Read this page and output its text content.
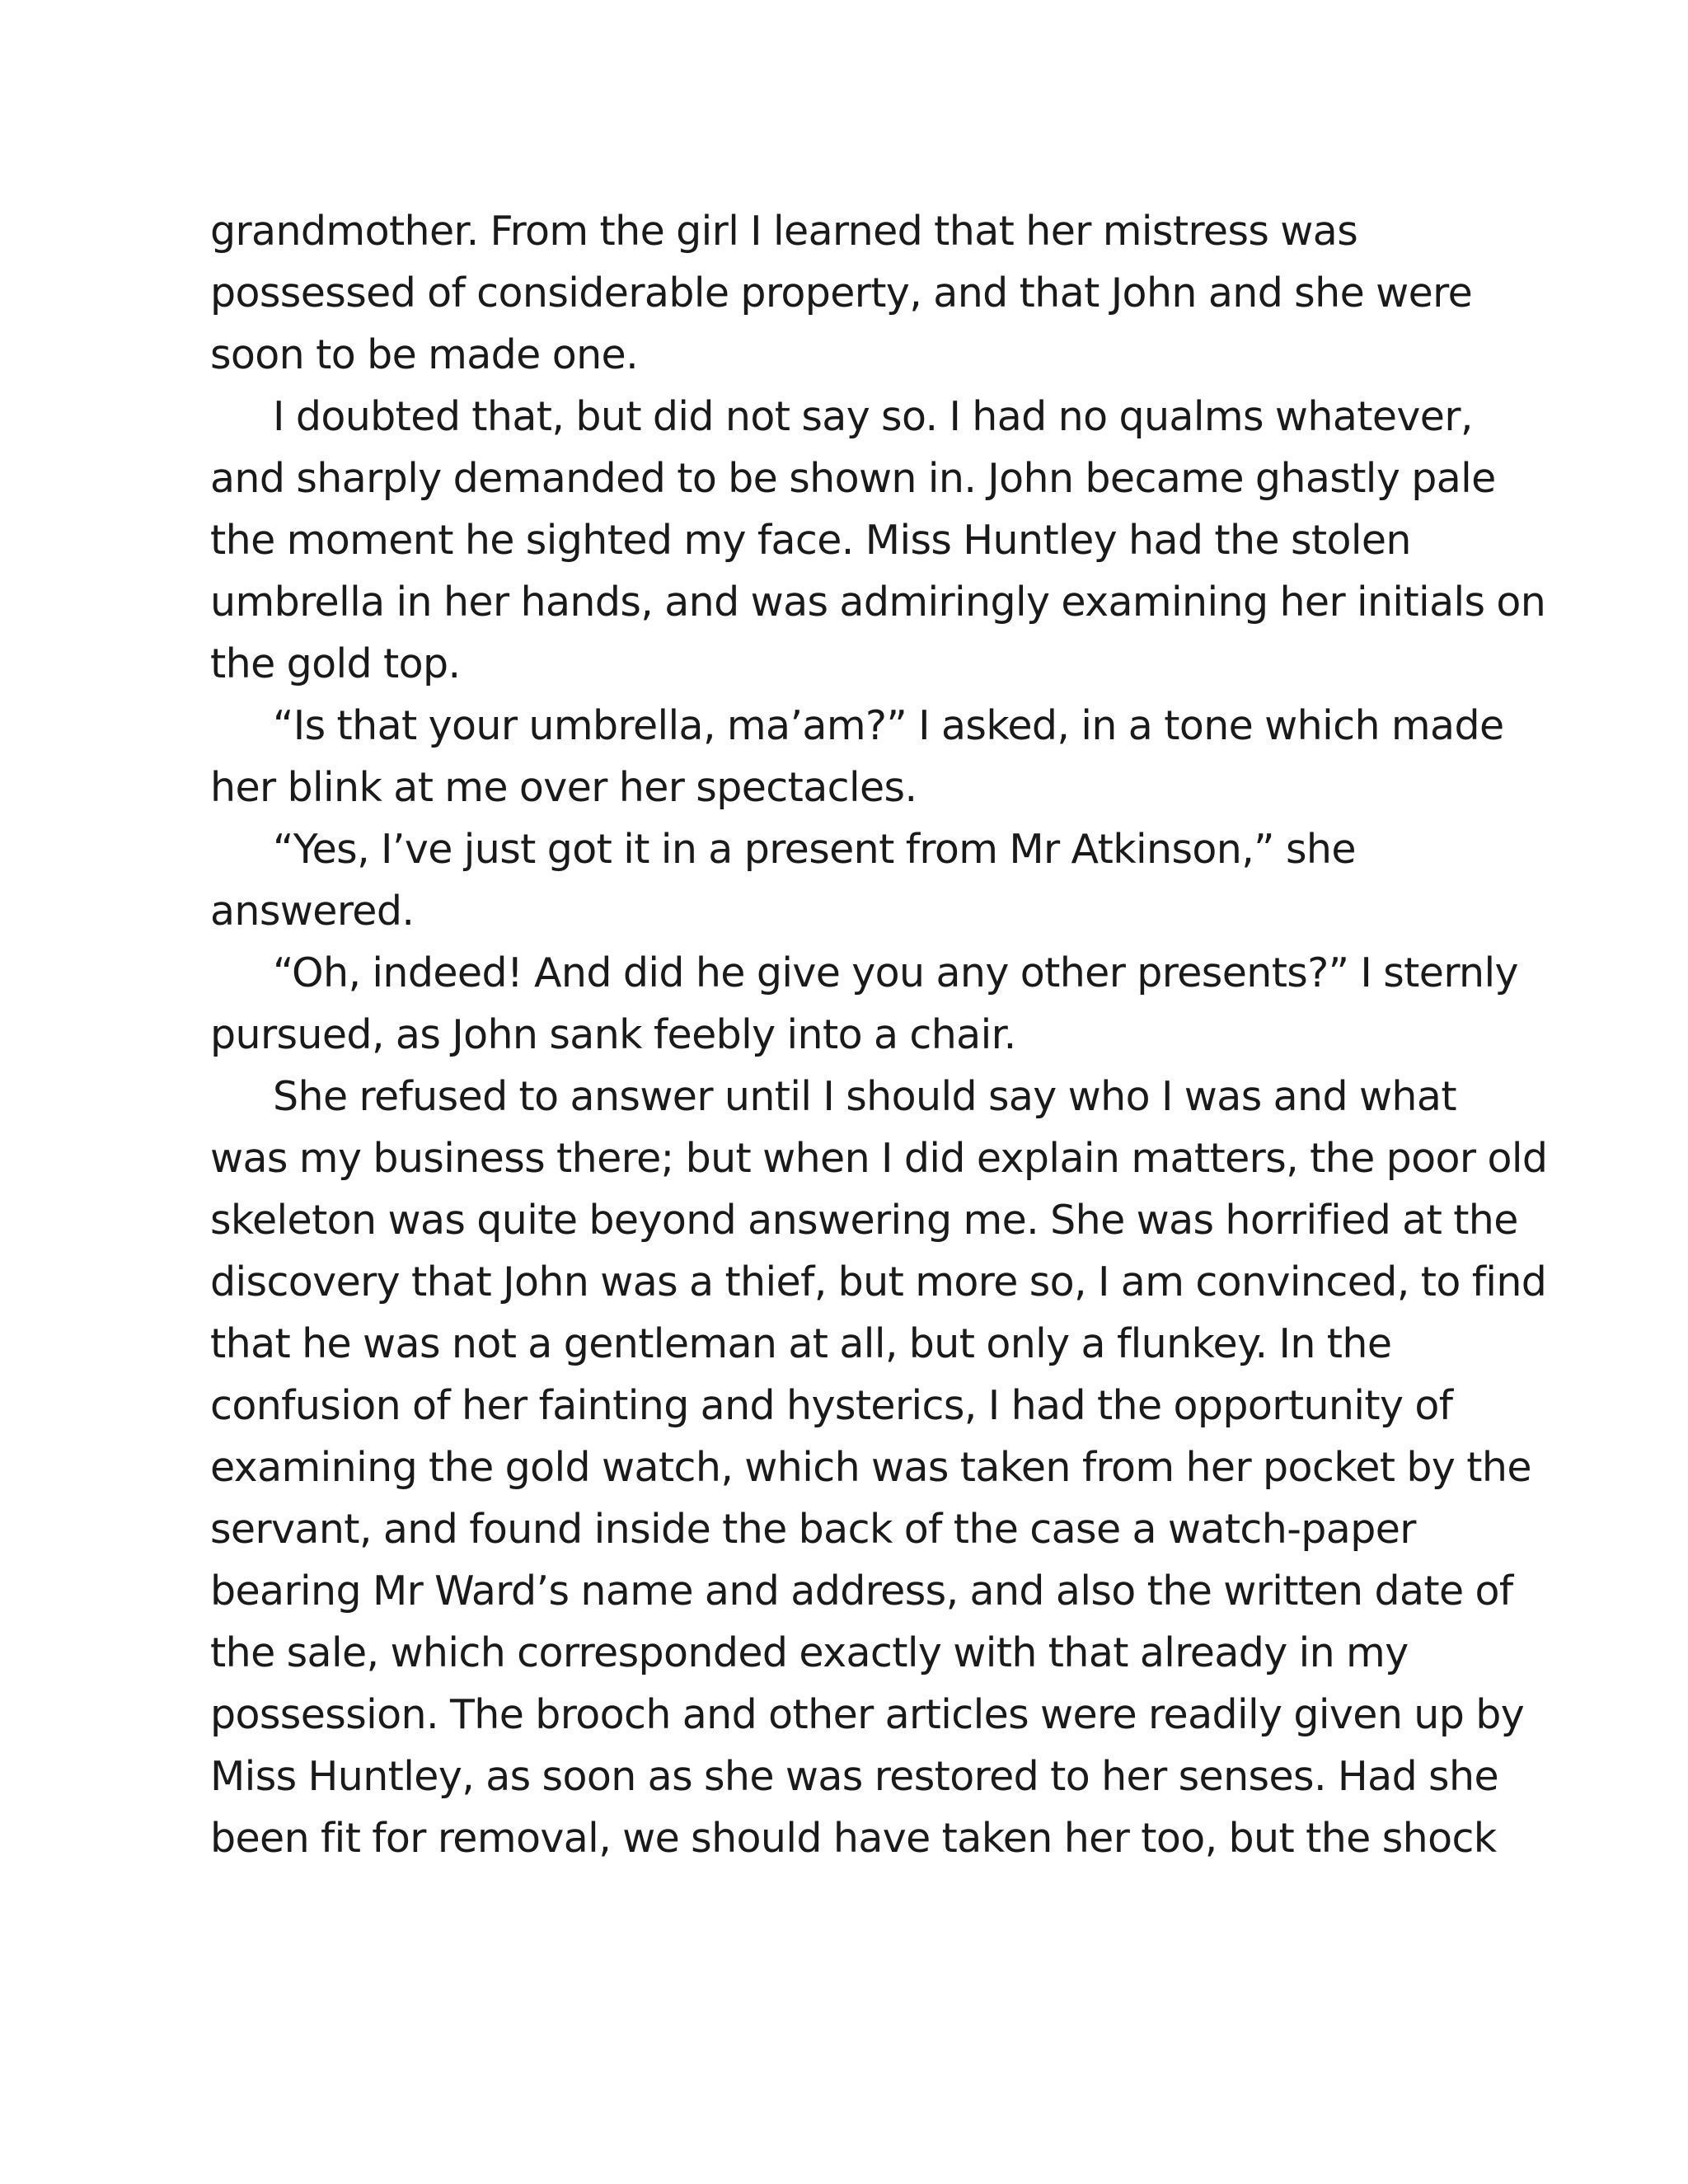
grandmother. From the girl I learned that her mistress was
possessed of considerable property, and that John and she were
soon to be made one.
I doubted that, but did not say so. I had no qualms whatever,
and sharply demanded to be shown in. John became ghastly pale
the moment he sighted my face. Miss Huntley had the stolen
umbrella in her hands, and was admiringly examining her initials on
the gold top.
“Is that your umbrella, ma’am?” I asked, in a tone which made
her blink at me over her spectacles.
“Yes, I’ve just got it in a present from Mr Atkinson,” she
answered.
“Oh, indeed! And did he give you any other presents?” I sternly
pursued, as John sank feebly into a chair.
She refused to answer until I should say who I was and what
was my business there; but when I did explain matters, the poor old
skeleton was quite beyond answering me. She was horrified at the
discovery that John was a thief, but more so, I am convinced, to find
that he was not a gentleman at all, but only a flunkey. In the
confusion of her fainting and hysterics, I had the opportunity of
examining the gold watch, which was taken from her pocket by the
servant, and found inside the back of the case a watch-paper
bearing Mr Ward’s name and address, and also the written date of
the sale, which corresponded exactly with that already in my
possession. The brooch and other articles were readily given up by
Miss Huntley, as soon as she was restored to her senses. Had she
been fit for removal, we should have taken her too, but the shock
